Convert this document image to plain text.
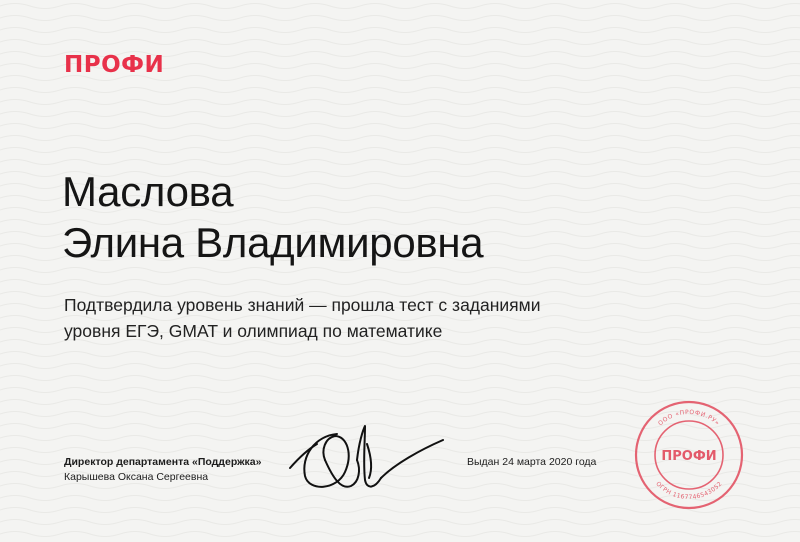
ПРОФИ
Маслова
Элина Владимировна
Подтвердила уровень знаний — прошла тест с заданиями
уровня ЕГЭ, GMAT и олимпиад по математике
Директор департамента «Поддержка»
Карышева Оксана Сергеевна
Выдан 24 марта 2020 года
ООО «ПРОФИ.РУ»
ОГРН 1167746543052
ПРОФИ
